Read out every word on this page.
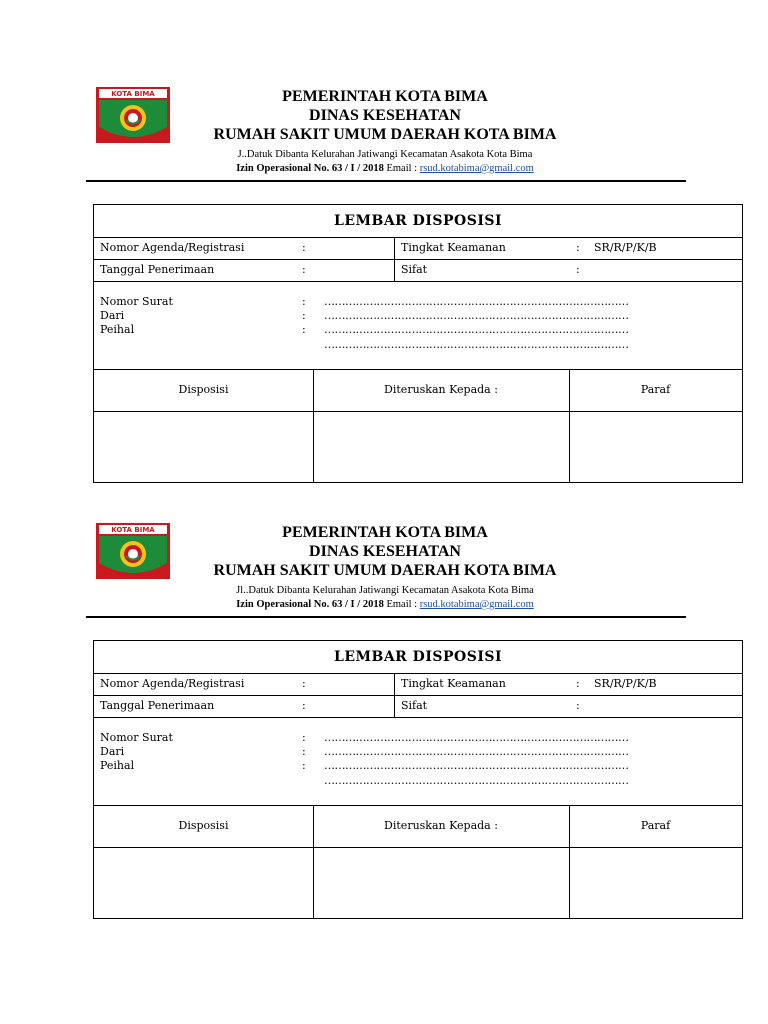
KOTA BIMA	PEMERINTAH KOTA BIMA
DINAS KESEHATAN
RUMAH SAKIT UMUM DAERAH KOTA BIMA
J..Datuk Dibanta Kelurahan Jatiwangi Kecamatan Asakota Kota Bima
Izin Operasional No. 63 / I / 2018 Email : rsud.kotabima@gmail.com
LEMBAR DISPOSISI
Nomor Agenda/Registrasi	:	Tingkat Keamanan	: SR/R/P/K/B
Tanggal Penerimaan	:	Sifat	:
Nomor Surat	: ……………………………………………………………………………
Dari	: ……………………………………………………………………………
Peihal	: ……………………………………………………………………………
……………………………………………………………………………
Disposisi	Diteruskan Kepada :	Paraf
KOTA BIMA	PEMERINTAH KOTA BIMA
DINAS KESEHATAN
RUMAH SAKIT UMUM DAERAH KOTA BIMA
Jl..Datuk Dibanta Kelurahan Jatiwangi Kecamatan Asakota Kota Bima
Izin Operasional No. 63 / I / 2018 Email : rsud.kotabima@gmail.com
LEMBAR DISPOSISI
Nomor Agenda/Registrasi	:	Tingkat Keamanan	: SR/R/P/K/B
Tanggal Penerimaan	:	Sifat	:
Nomor Surat	: ……………………………………………………………………………
Dari	: ……………………………………………………………………………
Peihal	: ……………………………………………………………………………
……………………………………………………………………………
Disposisi	Diteruskan Kepada :	Paraf
